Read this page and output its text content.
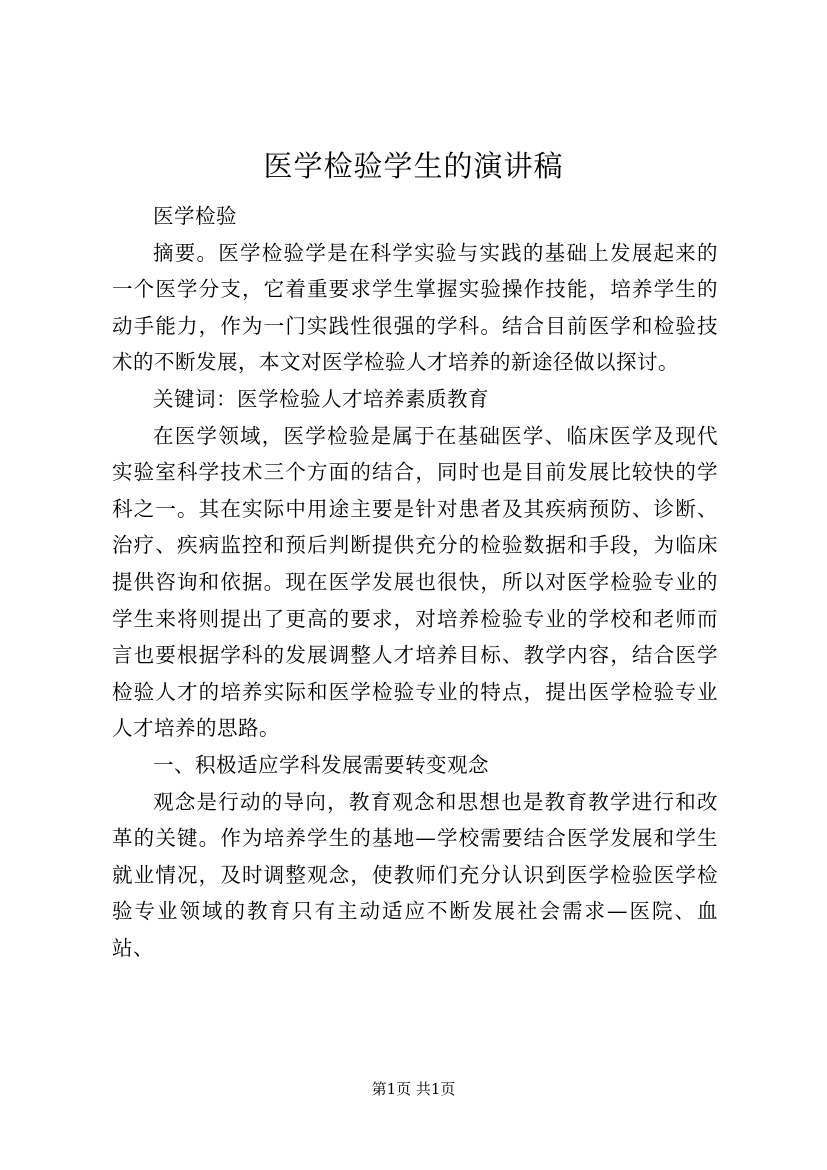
医学检验学生的演讲稿

医学检验

摘要。医学检验学是在科学实验与实践的基础上发展起来的一个医学分支，它着重要求学生掌握实验操作技能，培养学生的动手能力，作为一门实践性很强的学科。结合目前医学和检验技术的不断发展，本文对医学检验人才培养的新途径做以探讨。

关键词：医学检验人才培养素质教育

在医学领域，医学检验是属于在基础医学、临床医学及现代实验室科学技术三个方面的结合，同时也是目前发展比较快的学科之一。其在实际中用途主要是针对患者及其疾病预防、诊断、治疗、疾病监控和预后判断提供充分的检验数据和手段，为临床提供咨询和依据。现在医学发展也很快，所以对医学检验专业的学生来将则提出了更高的要求，对培养检验专业的学校和老师而言也要根据学科的发展调整人才培养目标、教学内容，结合医学检验人才的培养实际和医学检验专业的特点，提出医学检验专业人才培养的思路。

一、积极适应学科发展需要转变观念

观念是行动的导向，教育观念和思想也是教育教学进行和改革的关键。作为培养学生的基地—学校需要结合医学发展和学生就业情况，及时调整观念，使教师们充分认识到医学检验医学检验专业领域的教育只有主动适应不断发展社会需求—医院、血站、

第1页 共1页
